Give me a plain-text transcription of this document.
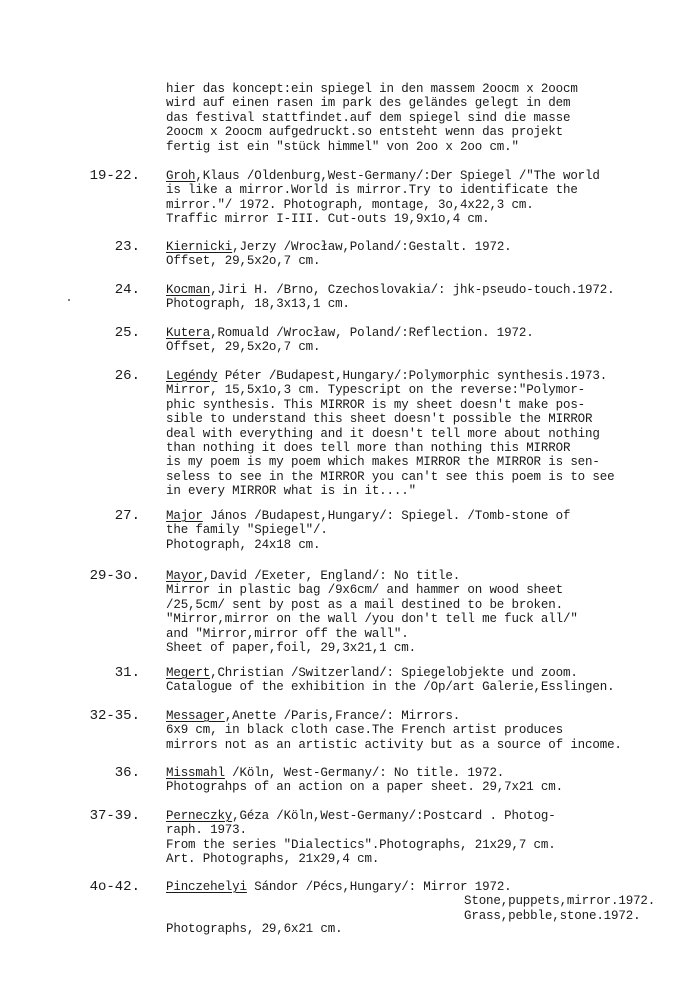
hier das koncept:ein spiegel in den massem 2oocm x 2oocm
wird auf einen rasen im park des geländes gelegt in dem
das festival stattfindet.auf dem spiegel sind die masse
2oocm x 2oocm aufgedruckt.so entsteht wenn das projekt
fertig ist ein "stück himmel" von 2oo x 2oo cm."
19-22. Groh,Klaus /Oldenburg,West-Germany/:Der Spiegel /"The world
is like a mirror.World is mirror.Try to identificate the
mirror."/ 1972. Photograph, montage, 3o,4x22,3 cm.
Traffic mirror I-III. Cut-outs 19,9x1o,4 cm.
23. Kiernicki,Jerzy /Wrocław,Poland/:Gestalt. 1972.
Offset, 29,5x2o,7 cm.
24. Kocman,Jiri H. /Brno, Czechoslovakia/: jhk-pseudo-touch.1972.
Photograph, 18,3x13,1 cm.
25. Kutera,Romuald /Wrocław, Poland/:Reflection. 1972.
Offset, 29,5x2o,7 cm.
26. Legéndy Péter /Budapest,Hungary/:Polymorphic synthesis.1973.
Mirror, 15,5x1o,3 cm. Typescript on the reverse:"Polymor-
phic synthesis. This MIRROR is my sheet doesn't make pos-
sible to understand this sheet doesn't possible the MIRROR
deal with everything and it doesn't tell more about nothing
than nothing it does tell more than nothing this MIRROR
is my poem is my poem which makes MIRROR the MIRROR is sen-
seless to see in the MIRROR you can't see this poem is to see
in every MIRROR what is in it...."
27. Major János /Budapest,Hungary/: Spiegel. /Tomb-stone of
the family "Spiegel"/.
Photograph, 24x18 cm.
29-3o. Mayor,David /Exeter, England/: No title.
Mirror in plastic bag /9x6cm/ and hammer on wood sheet
/25,5cm/ sent by post as a mail destined to be broken.
"Mirror,mirror on the wall /you don't tell me fuck all/"
and "Mirror,mirror off the wall".
Sheet of paper,foil, 29,3x21,1 cm.
31. Megert,Christian /Switzerland/: Spiegelobjekte und zoom.
Catalogue of the exhibition in the /Op/art Galerie,Esslingen.
32-35. Messager,Anette /Paris,France/: Mirrors.
6x9 cm, in black cloth case.The French artist produces
mirrors not as an artistic activity but as a source of income.
36. Missmahl /Köln, West-Germany/: No title. 1972.
Photograhps of an action on a paper sheet. 29,7x21 cm.
37-39. Perneczky,Géza /Köln,West-Germany/:Postcard . Photog-
raph. 1973.
From the series "Dialectics".Photographs, 21x29,7 cm.
Art. Photographs, 21x29,4 cm.
4o-42. Pinczehelyi Sándor /Pécs,Hungary/: Mirror 1972.
Stone,puppets,mirror.1972.
Grass,pebble,stone.1972.
Photographs, 29,6x21 cm.
